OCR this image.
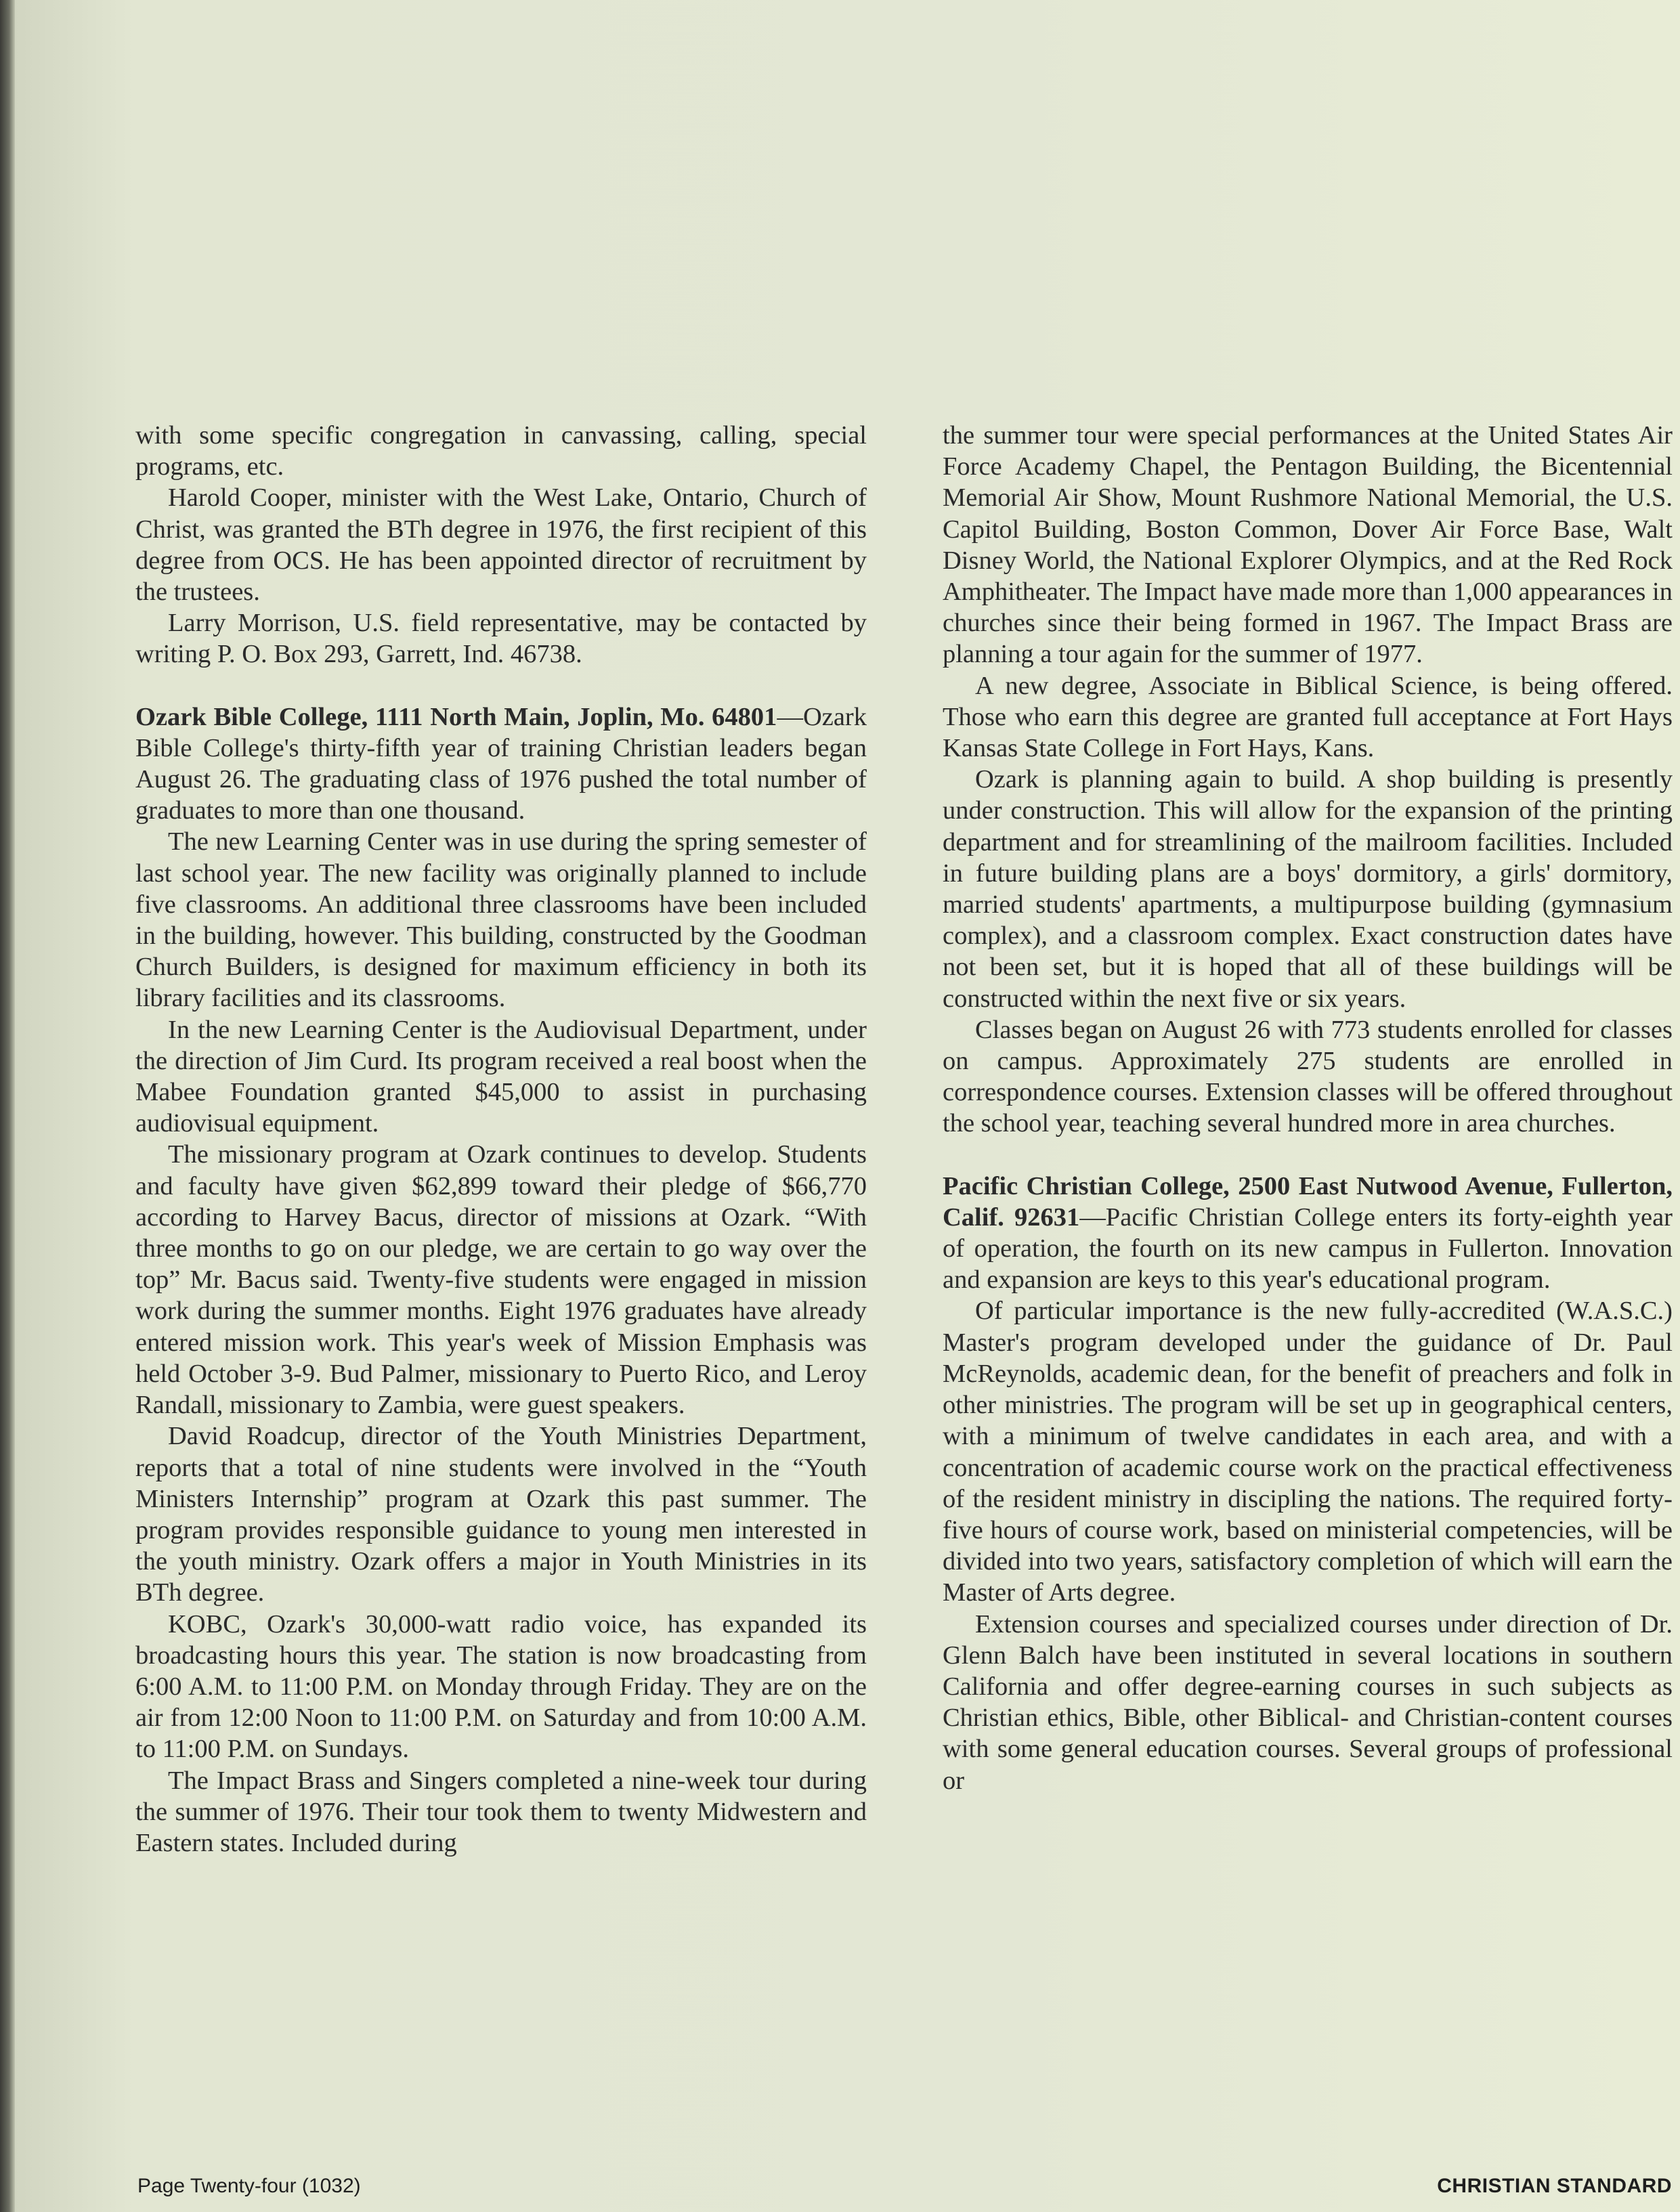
with some specific congregation in canvassing, calling, special programs, etc.

Harold Cooper, minister with the West Lake, Ontario, Church of Christ, was granted the BTh degree in 1976, the first recipient of this degree from OCS. He has been appointed director of recruitment by the trustees.

Larry Morrison, U.S. field representative, may be contacted by writing P. O. Box 293, Garrett, Ind. 46738.

Ozark Bible College, 1111 North Main, Joplin, Mo. 64801—Ozark Bible College's thirty-fifth year of training Christian leaders began August 26. The graduating class of 1976 pushed the total number of graduates to more than one thousand.

The new Learning Center was in use during the spring semester of last school year. The new facility was originally planned to include five classrooms. An additional three classrooms have been included in the building, however. This building, constructed by the Goodman Church Builders, is designed for maximum efficiency in both its library facilities and its classrooms.

In the new Learning Center is the Audiovisual Department, under the direction of Jim Curd. Its program received a real boost when the Mabee Foundation granted $45,000 to assist in purchasing audiovisual equipment.

The missionary program at Ozark continues to develop. Students and faculty have given $62,899 toward their pledge of $66,770 according to Harvey Bacus, director of missions at Ozark. “With three months to go on our pledge, we are certain to go way over the top” Mr. Bacus said. Twenty-five students were engaged in mission work during the summer months. Eight 1976 graduates have already entered mission work. This year's week of Mission Emphasis was held October 3-9. Bud Palmer, missionary to Puerto Rico, and Leroy Randall, missionary to Zambia, were guest speakers.

David Roadcup, director of the Youth Ministries Department, reports that a total of nine students were involved in the “Youth Ministers Internship” program at Ozark this past summer. The program provides responsible guidance to young men interested in the youth ministry. Ozark offers a major in Youth Ministries in its BTh degree.

KOBC, Ozark's 30,000-watt radio voice, has expanded its broadcasting hours this year. The station is now broadcasting from 6:00 A.M. to 11:00 P.M. on Monday through Friday. They are on the air from 12:00 Noon to 11:00 P.M. on Saturday and from 10:00 A.M. to 11:00 P.M. on Sundays.

The Impact Brass and Singers completed a nine-week tour during the summer of 1976. Their tour took them to twenty Midwestern and Eastern states. Included during

the summer tour were special performances at the United States Air Force Academy Chapel, the Pentagon Building, the Bicentennial Memorial Air Show, Mount Rushmore National Memorial, the U.S. Capitol Building, Boston Common, Dover Air Force Base, Walt Disney World, the National Explorer Olympics, and at the Red Rock Amphitheater. The Impact have made more than 1,000 appearances in churches since their being formed in 1967. The Impact Brass are planning a tour again for the summer of 1977.

A new degree, Associate in Biblical Science, is being offered. Those who earn this degree are granted full acceptance at Fort Hays Kansas State College in Fort Hays, Kans.

Ozark is planning again to build. A shop building is presently under construction. This will allow for the expansion of the printing department and for streamlining of the mailroom facilities. Included in future building plans are a boys' dormitory, a girls' dormitory, married students' apartments, a multipurpose building (gymnasium complex), and a classroom complex. Exact construction dates have not been set, but it is hoped that all of these buildings will be constructed within the next five or six years.

Classes began on August 26 with 773 students enrolled for classes on campus. Approximately 275 students are enrolled in correspondence courses. Extension classes will be offered throughout the school year, teaching several hundred more in area churches.

Pacific Christian College, 2500 East Nutwood Avenue, Fullerton, Calif. 92631—Pacific Christian College enters its forty-eighth year of operation, the fourth on its new campus in Fullerton. Innovation and expansion are keys to this year's educational program.

Of particular importance is the new fully-accredited (W.A.S.C.) Master's program developed under the guidance of Dr. Paul McReynolds, academic dean, for the benefit of preachers and folk in other ministries. The program will be set up in geographical centers, with a minimum of twelve candidates in each area, and with a concentration of academic course work on the practical effectiveness of the resident ministry in discipling the nations. The required forty-five hours of course work, based on ministerial competencies, will be divided into two years, satisfactory completion of which will earn the Master of Arts degree.

Extension courses and specialized courses under direction of Dr. Glenn Balch have been instituted in several locations in southern California and offer degree-earning courses in such subjects as Christian ethics, Bible, other Biblical- and Christian-content courses with some general education courses. Several groups of professional or

Page Twenty-four (1032)	CHRISTIAN STANDARD
